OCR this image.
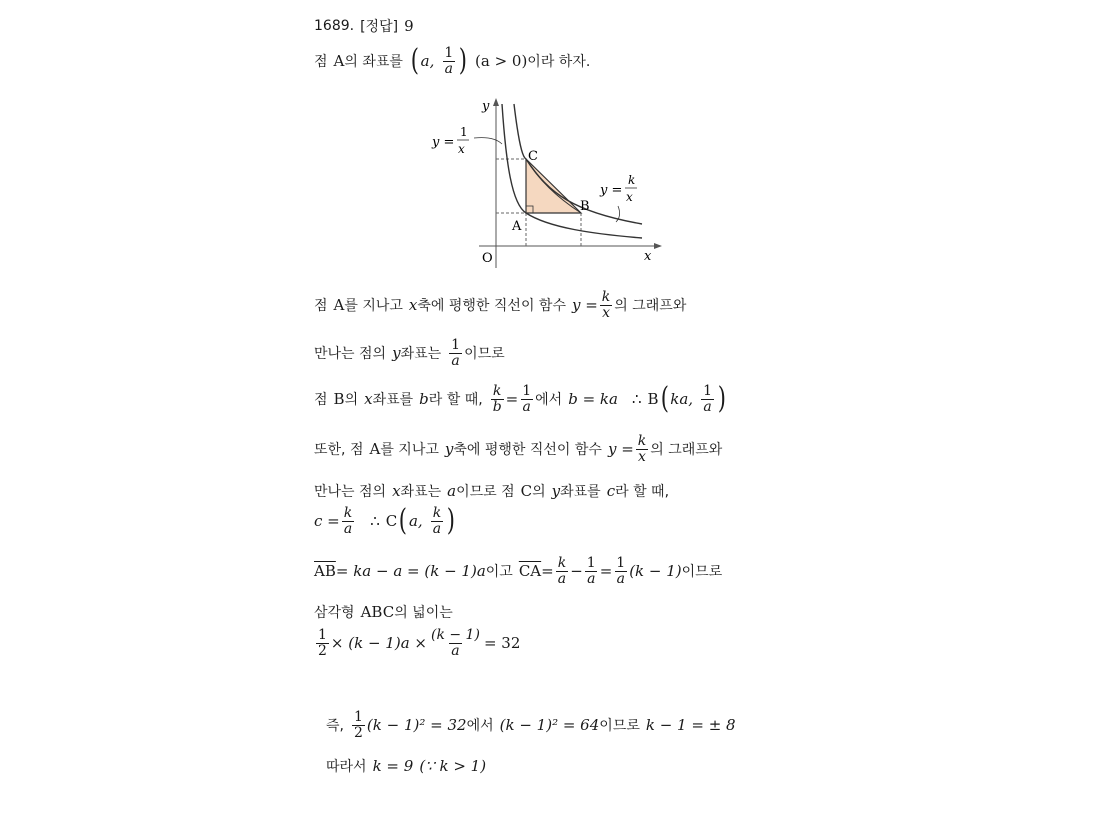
1689. [정답] 9
점 A 의 좌표를 ( a, $\frac{1}{a}$ ) (a > 0) 이라 하자.
y
x
O
A
B
C
y =
1
x
y =
k
x
점 A 를 지나고 x 축에 평행한 직선이 함수 $y = \frac{k}{x}$ 의 그래프와
만나는 점의 y 좌표는 $\frac{1}{a}$ 이므로
점 B 의 x 좌표를 b 라 할 때, $\frac{k}{b} = \frac{1}{a}$ 에서 b = ka ∴ B ( ka, $\frac{1}{a}$ )
또한, 점 A 를 지나고 y 축에 평행한 직선이 함수 $y = \frac{k}{x}$ 의 그래프와
만나는 점의 x 좌표는 a 이므로 점 C 의 y 좌표를 c 라 할 때,
$c = \frac{k}{a}$ ∴ C ( a, $\frac{k}{a}$ )
$\overline{AB}$ = ka − a = (k − 1)a 이고 $\overline{CA} = \frac{k}{a} - \frac{1}{a} = \frac{1}{a} (k - 1)$ 이므로
삼각형 ABC 의 넓이는
$\frac{1}{2} \times (k - 1)a \times \frac{(k - 1)}{a} = 32$
즉, $\frac{1}{2} (k - 1)^2 = 32$ 에서 (k − 1)² = 64 이므로 k − 1 = ± 8
따라서 k = 9 (∵ k > 1)
